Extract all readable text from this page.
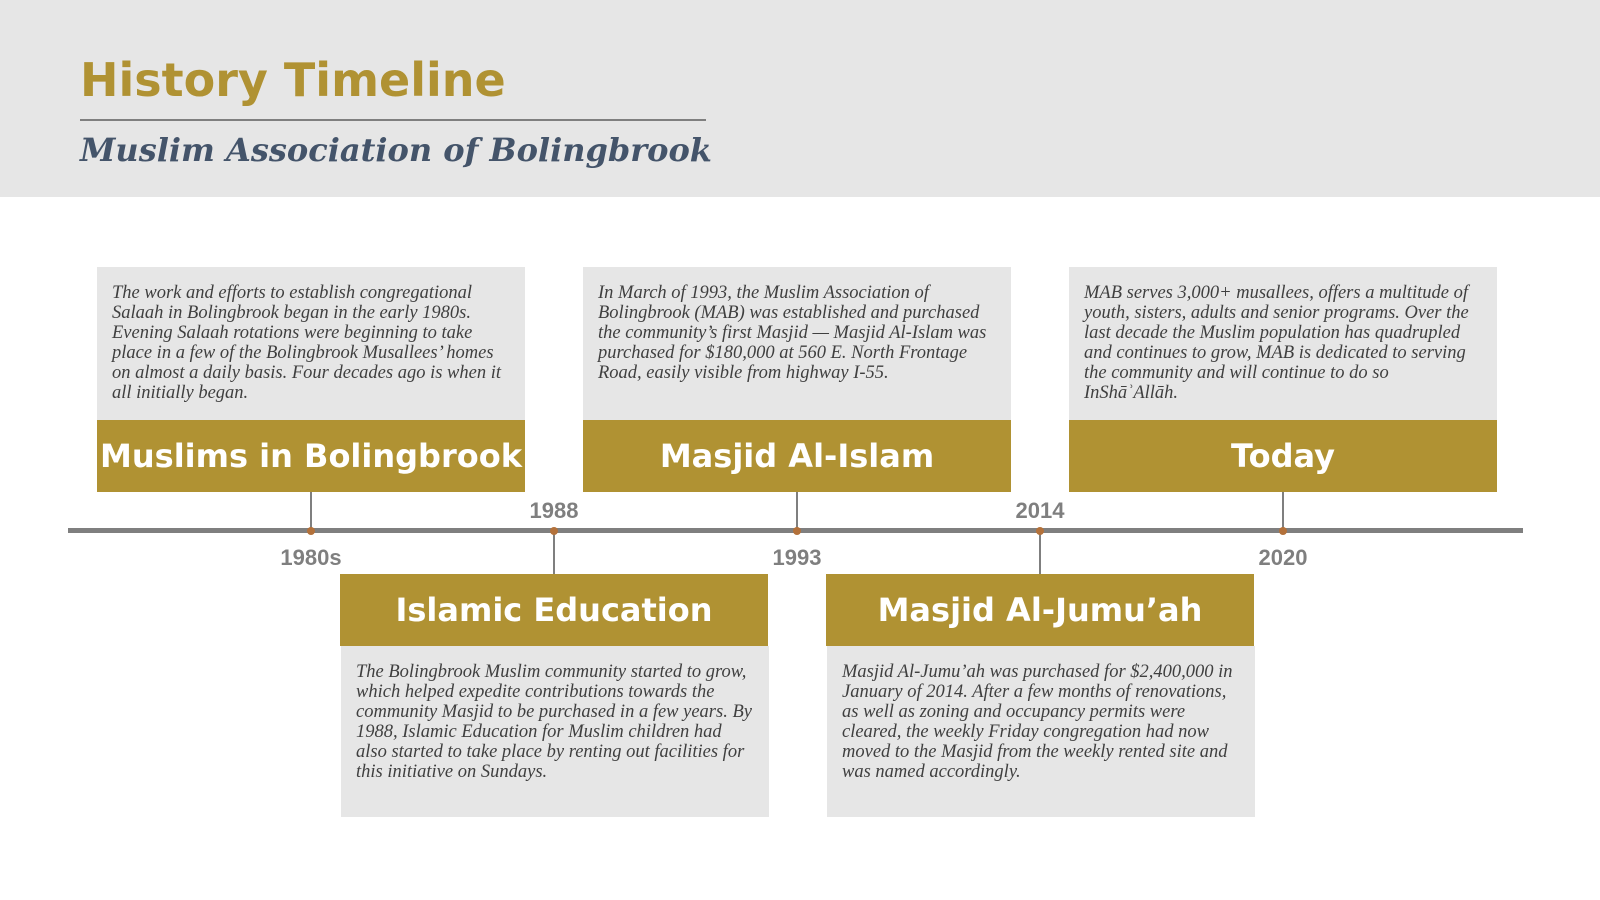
History Timeline
Muslim Association of Bolingbrook
1980s
The work and efforts to establish congregational Salaah in Bolingbrook began in the early 1980s. Evening Salaah rotations were beginning to take place in a few of the Bolingbrook Musallees’ homes on almost a daily basis. Four decades ago is when it all initially began.
Muslims in Bolingbrook
1988
Islamic Education
The Bolingbrook Muslim community started to grow, which helped expedite contributions towards the community Masjid to be purchased in a few years. By 1988, Islamic Education for Muslim children had also started to take place by renting out facilities for this initiative on Sundays.
1993
In March of 1993, the Muslim Association of Bolingbrook (MAB) was established and purchased the community’s first Masjid — Masjid Al-Islam was purchased for $180,000 at 560 E. North Frontage Road, easily visible from highway I-55.
Masjid Al-Islam
2014
Masjid Al-Jumu’ah
Masjid Al-Jumu’ah was purchased for $2,400,000 in January of 2014. After a few months of renovations, as well as zoning and occupancy permits were cleared, the weekly Friday congregation had now moved to the Masjid from the weekly rented site and was named accordingly.
2020
MAB serves 3,000+ musallees, offers a multitude of youth, sisters, adults and senior programs. Over the last decade the Muslim population has quadrupled and continues to grow, MAB is dedicated to serving the community and will continue to do so InShāʾAllāh.
Today
